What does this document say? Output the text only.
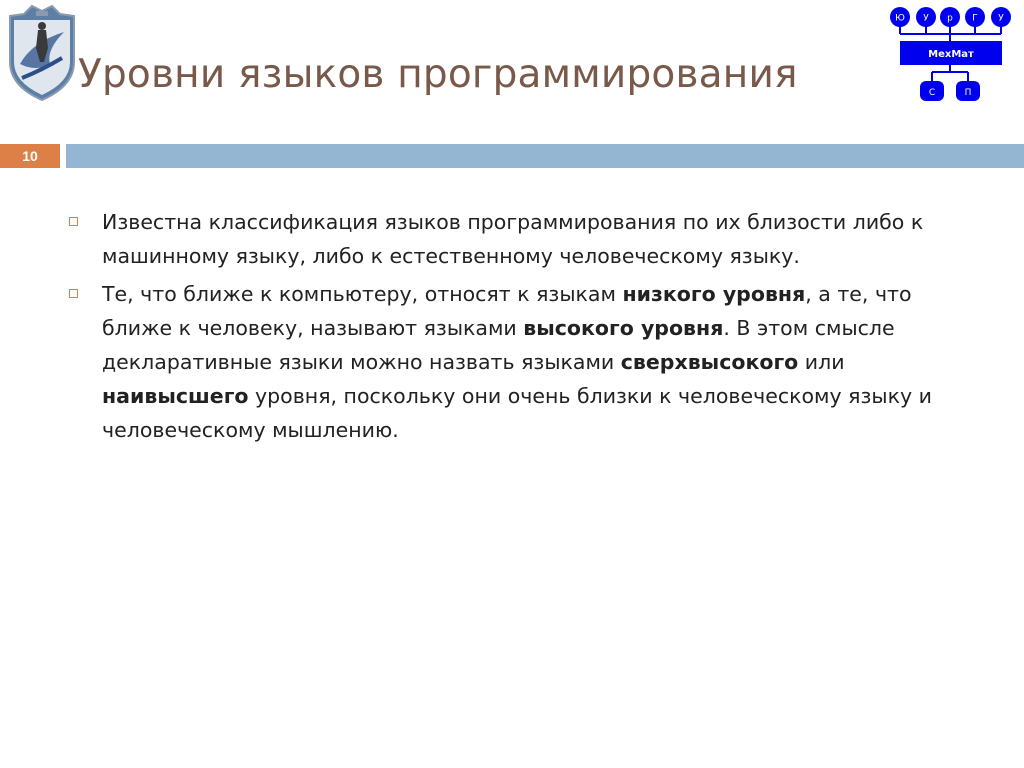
Уровни языков программирования
Ю У р Г У
МехМат
С	П
10
Известна классификация языков программирования по их близости либо к машинному языку, либо к естественному человеческому языку.
Те, что ближе к компьютеру, относят к языкам низкого уровня, а те, что ближе к человеку, называют языками высокого уровня. В этом смысле декларативные языки можно назвать языками сверхвысокого или наивысшего уровня, поскольку они очень близки к человеческому языку и человеческому мышлению.
